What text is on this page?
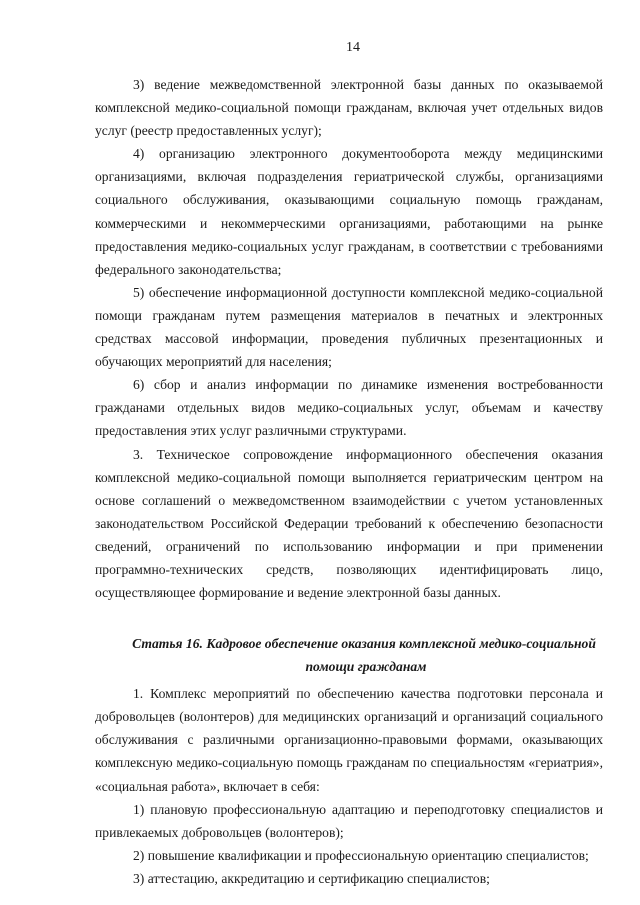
14

3) ведение межведомственной электронной базы данных по оказываемой комплексной медико-социальной помощи гражданам, включая учет отдельных видов услуг (реестр предоставленных услуг);

4) организацию электронного документооборота между медицинскими организациями, включая подразделения гериатрической службы, организациями социального обслуживания, оказывающими социальную помощь гражданам, коммерческими и некоммерческими организациями, работающими на рынке предоставления медико-социальных услуг гражданам, в соответствии с требованиями федерального законодательства;

5) обеспечение информационной доступности комплексной медико-социальной помощи гражданам путем размещения материалов в печатных и электронных средствах массовой информации, проведения публичных презентационных и обучающих мероприятий для населения;

6) сбор и анализ информации по динамике изменения востребованности гражданами отдельных видов медико-социальных услуг, объемам и качеству предоставления этих услуг различными структурами.

3. Техническое сопровождение информационного обеспечения оказания комплексной медико-социальной помощи выполняется гериатрическим центром на основе соглашений о межведомственном взаимодействии с учетом установленных законодательством Российской Федерации требований к обеспечению безопасности сведений, ограничений по использованию информации и при применении программно-технических средств, позволяющих идентифицировать лицо, осуществляющее формирование и ведение электронной базы данных.

Статья 16. Кадровое обеспечение оказания комплексной медико-социальной
помощи гражданам

1. Комплекс мероприятий по обеспечению качества подготовки персонала и добровольцев (волонтеров) для медицинских организаций и организаций социального обслуживания с различными организационно-правовыми формами, оказывающих комплексную медико-социальную помощь гражданам по специальностям «гериатрия», «социальная работа», включает в себя:

1) плановую профессиональную адаптацию и переподготовку специалистов и привлекаемых добровольцев (волонтеров);

2) повышение квалификации и профессиональную ориентацию специалистов;

3) аттестацию, аккредитацию и сертификацию специалистов;
